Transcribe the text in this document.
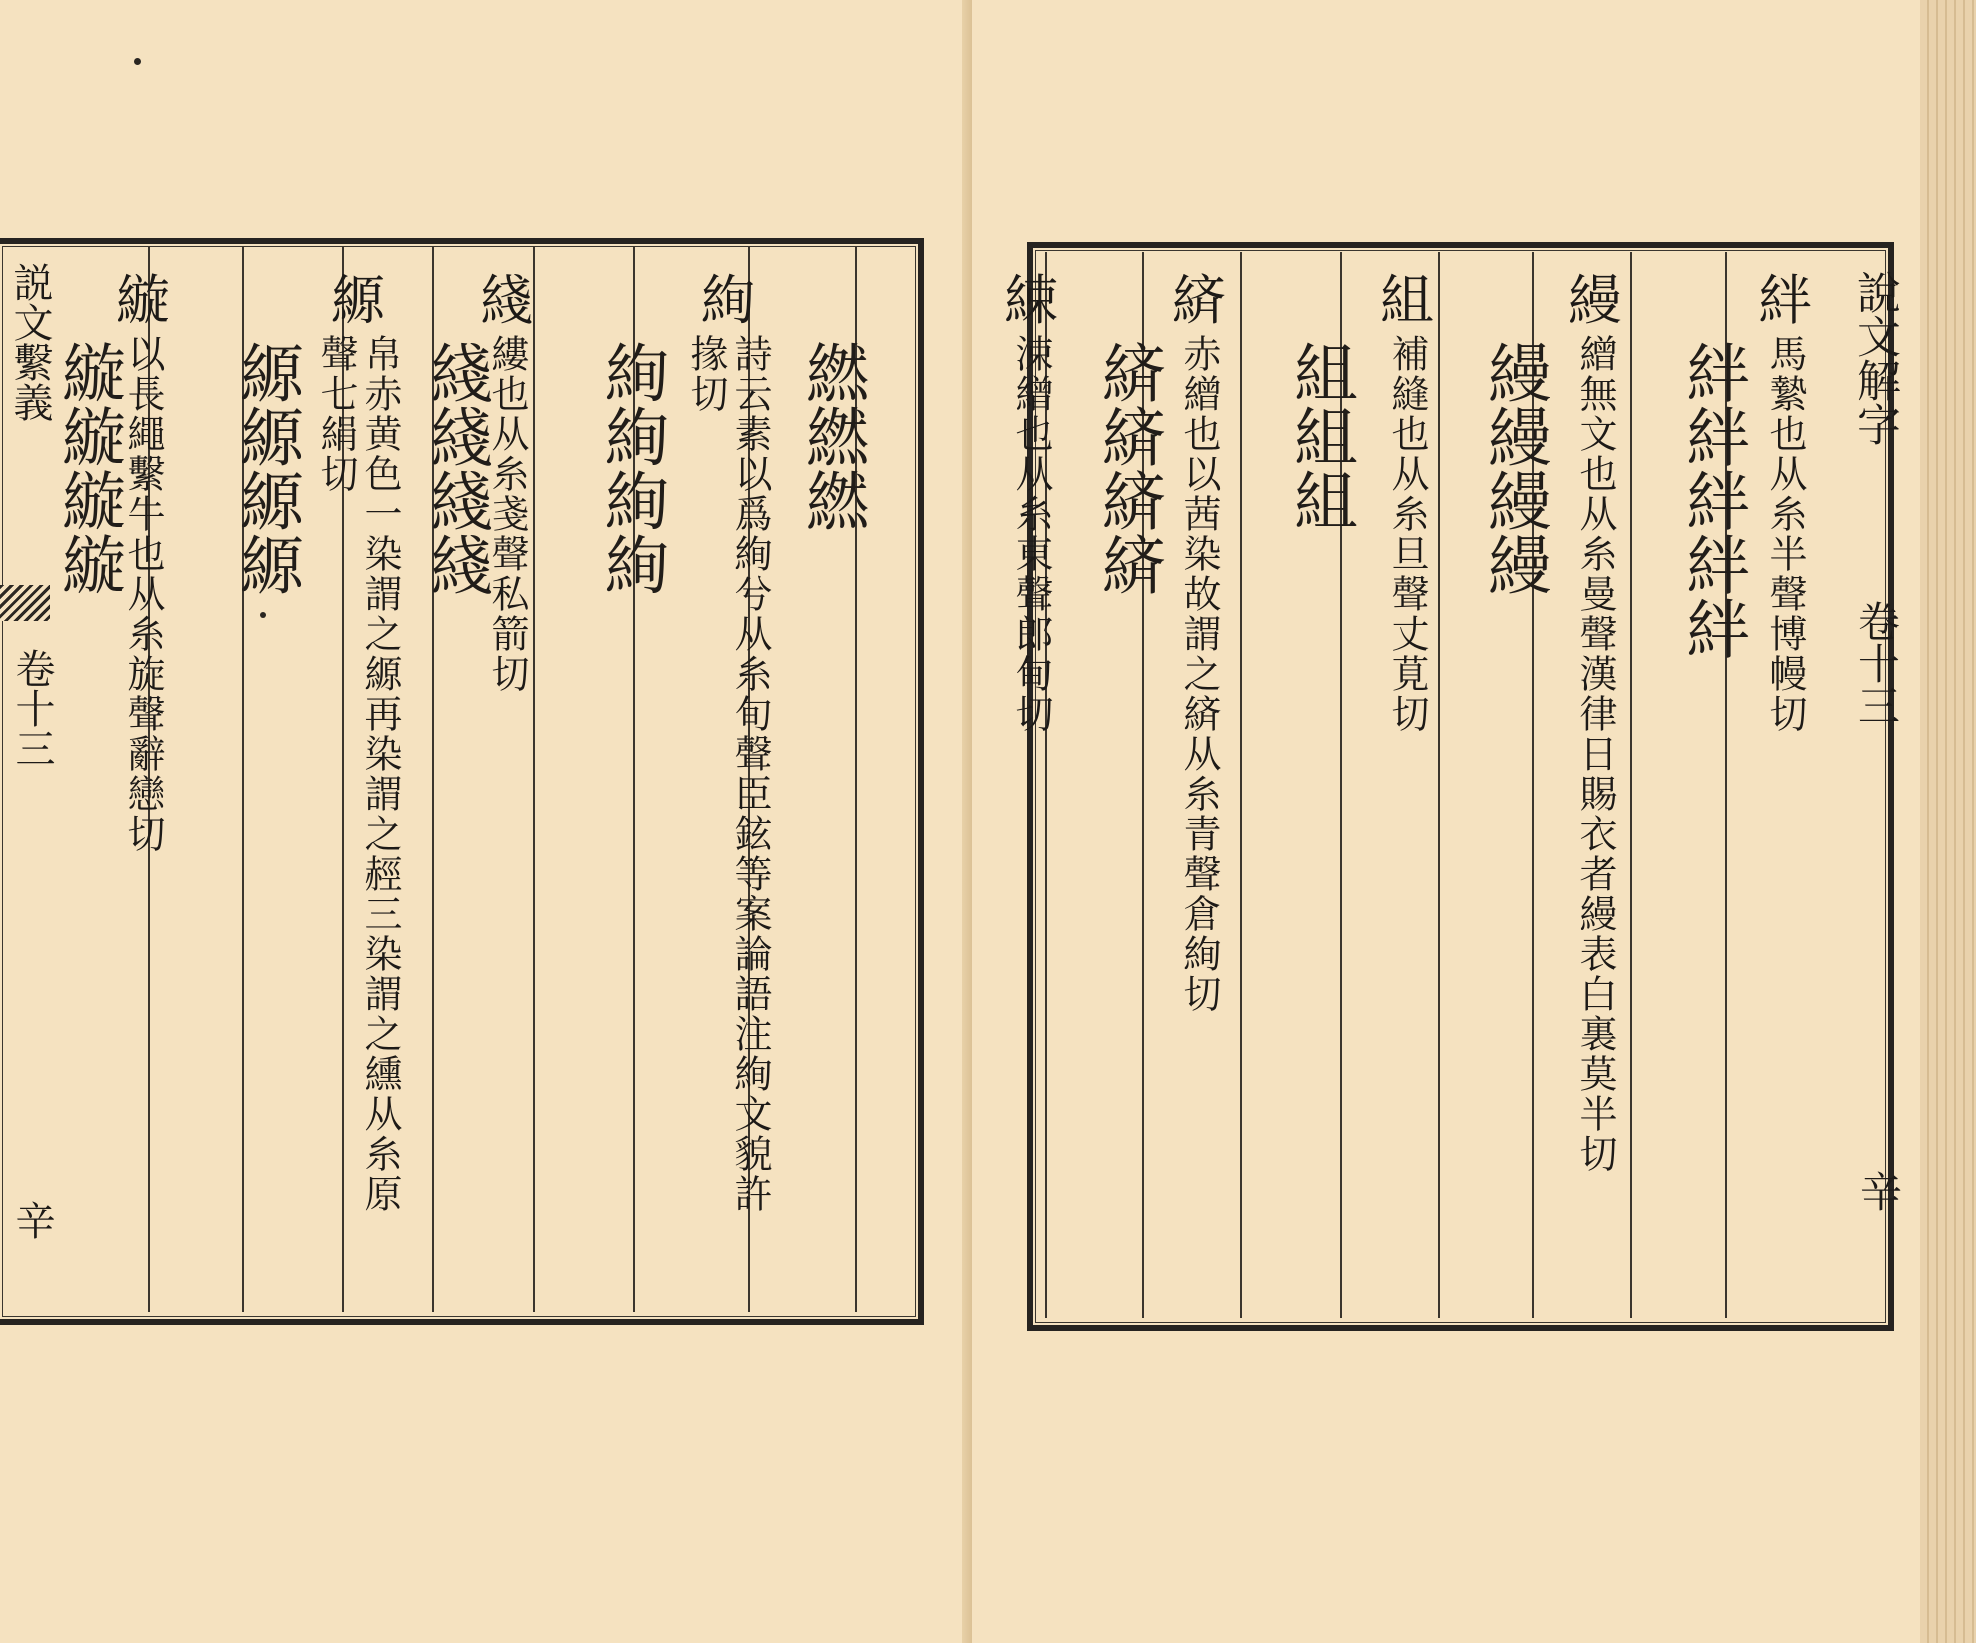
説文繫義
卷十三
辛
說文解字
卷十三
辛
繎繎繎
絢
詩云素以爲絢兮从糸旬聲臣鉉等案論語注絢文貌許掾切
絢絢絢絢
綫
縷也从糸戔聲私箭切
綫綫綫綫
縓
帛赤黄色一染謂之縓再染謂之䞓三染謂之纁从糸原聲七絹切
縓縓縓縓
縼
以長繩繫牛也从糸旋聲辭戀切
縼縼縼縼
絆
馬縶也从糸半聲博幔切
絆絆絆絆絆
縵
繒無文也从糸曼聲漢律日賜衣者縵表白裏莫半切
縵縵縵縵
組
補縫也从糸旦聲丈莧切
組組組
緕
赤繒也以茜染故謂之緕从糸青聲倉絢切
緕緕緕緕
綀
涑繒也从糸東聲郎甸切
